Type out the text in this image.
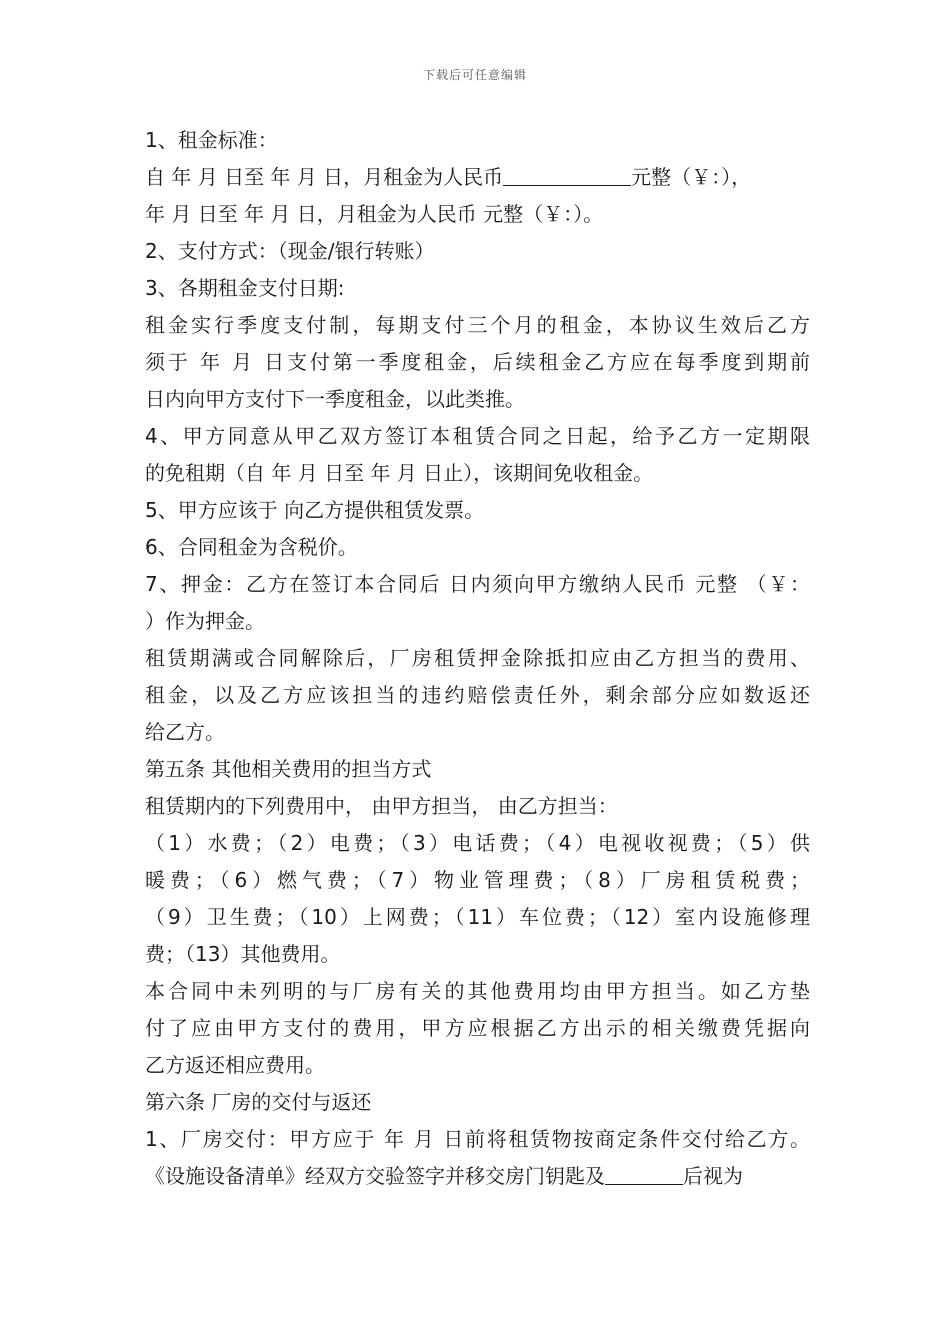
下载后可任意编辑
1、租金标准：
自 年 月 日至 年 月 日，月租金为人民币	元整（￥：），
年 月 日至 年 月 日，月租金为人民币 元整（￥：）。
2、支付方式：（现金/银行转账）
3、各期租金支付日期:
租金实行季度支付制，每期支付三个月的租金，本协议生效后乙方
须于 年 月 日支付第一季度租金，后续租金乙方应在每季度到期前
日内向甲方支付下一季度租金，以此类推。
4、甲方同意从甲乙双方签订本租赁合同之日起，给予乙方一定期限
的免租期（自 年 月 日至 年 月 日止），该期间免收租金。
5、甲方应该于 向乙方提供租赁发票。
6、合同租金为含税价。
7、押金：乙方在签订本合同后 日内须向甲方缴纳人民币 元整 （￥：
）作为押金。
租赁期满或合同解除后，厂房租赁押金除抵扣应由乙方担当的费用、
租金，以及乙方应该担当的违约赔偿责任外，剩余部分应如数返还
给乙方。
第五条 其他相关费用的担当方式
租赁期内的下列费用中， 由甲方担当， 由乙方担当：
（1）水费；（2）电费；（3）电话费；（4）电视收视费；（5）供
暖费；（6）燃气费；（7）物业管理费；（8）厂房租赁税费；
（9）卫生费；（10）上网费；（11）车位费；（12）室内设施修理
费；（13）其他费用。
本合同中未列明的与厂房有关的其他费用均由甲方担当。如乙方垫
付了应由甲方支付的费用，甲方应根据乙方出示的相关缴费凭据向
乙方返还相应费用。
第六条 厂房的交付与返还
1、厂房交付：甲方应于 年 月 日前将租赁物按商定条件交付给乙方。
《设施设备清单》经双方交验签字并移交房门钥匙及	后视为
